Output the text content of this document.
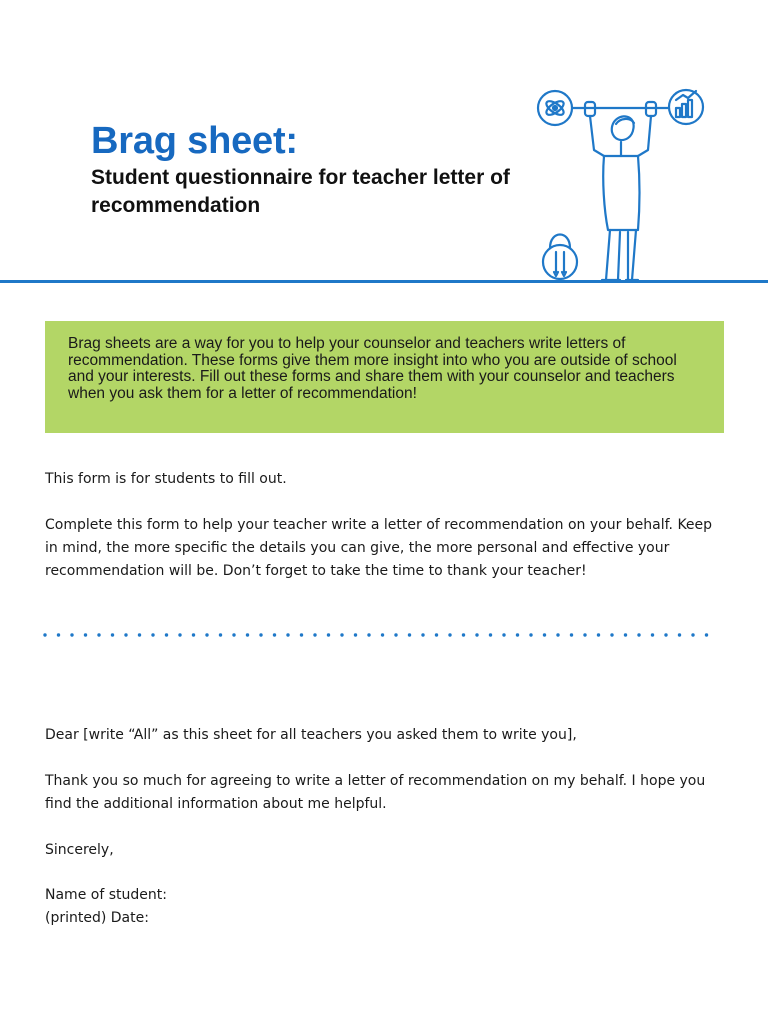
Brag sheet:
Student questionnaire for teacher letter of recommendation

Brag sheets are a way for you to help your counselor and teachers write letters of recommendation. These forms give them more insight into who you are outside of school and your interests. Fill out these forms and share them with your counselor and teachers when you ask them for a letter of recommendation!

This form is for students to fill out.

Complete this form to help your teacher write a letter of recommendation on your behalf. Keep in mind, the more specific the details you can give, the more personal and effective your recommendation will be. Don’t forget to take the time to thank your teacher!

Dear [write “All” as this sheet for all teachers you asked them to write you],

Thank you so much for agreeing to write a letter of recommendation on my behalf. I hope you find the additional information about me helpful.

Sincerely,

Name of student:

(printed) Date:
